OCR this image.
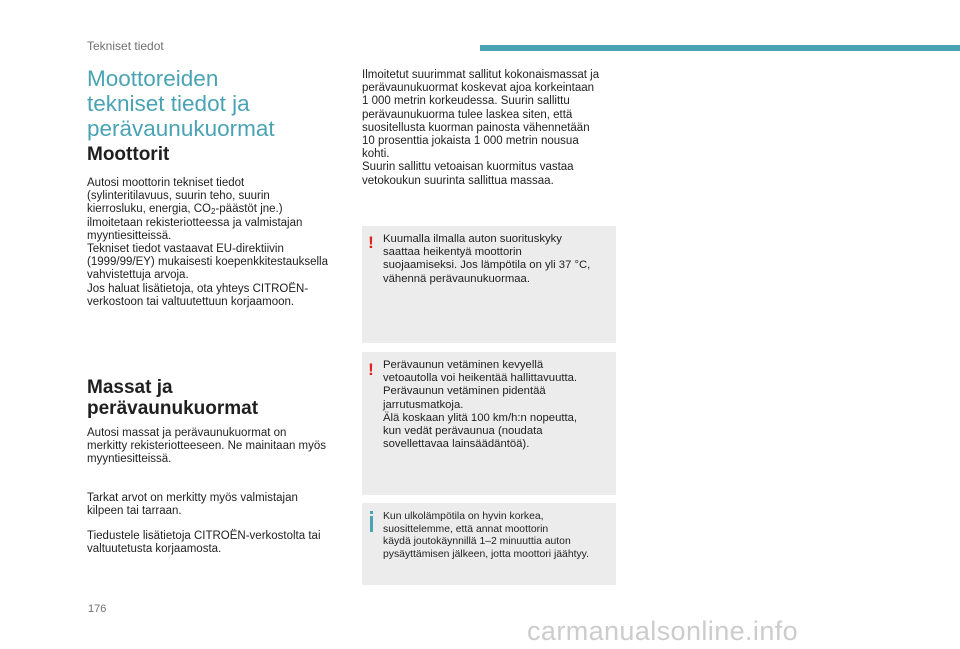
Tekniset tiedot
Moottoreiden
tekniset tiedot ja
perävaunukuormat
Moottorit

Autosi moottorin tekniset tiedot
(sylinteritilavuus, suurin teho, suurin
kierrosluku, energia, $CO_2$-päästöt jne.)
ilmoitetaan rekisteriotteessa ja valmistajan
myyntiesitteissä.
Tekniset tiedot vastaavat EU-direktiivin
(1999/99/EY) mukaisesti koepenkkitestauksella
vahvistettuja arvoja.
Jos haluat lisätietoja, ota yhteys CITROËN-
verkostoon tai valtuutettuun korjaamoon.

Massat ja
perävaunukuormat

Autosi massat ja perävaunukuormat on
merkitty rekisteriotteeseen. Ne mainitaan myös
myyntiesitteissä.

Tarkat arvot on merkitty myös valmistajan
kilpeen tai tarraan.

Tiedustele lisätietoja CITROËN-verkostolta tai
valtuutetusta korjaamosta.

Ilmoitetut suurimmat sallitut kokonaismassat ja
perävaunukuormat koskevat ajoa korkeintaan
1 000 metrin korkeudessa. Suurin sallittu
perävaunukuorma tulee laskea siten, että
suositellusta kuorman painosta vähennetään
10 prosenttia jokaista 1 000 metrin nousua
kohti.
Suurin sallittu vetoaisan kuormitus vastaa
vetokoukun suurinta sallittua massaa.

! Kuumalla ilmalla auton suorituskyky
saattaa heikentyä moottorin
suojaamiseksi. Jos lämpötila on yli 37 °C,
vähennä perävaunukuormaa.
! Perävaunun vetäminen kevyellä
vetoautolla voi heikentää hallittavuutta.
Perävaunun vetäminen pidentää
jarrutusmatkoja.
Älä koskaan ylitä 100 km/h:n nopeutta,
kun vedät perävaunua (noudata
sovellettavaa lainsäädäntöä).
Kun ulkolämpötila on hyvin korkea,
suosittelemme, että annat moottorin
käydä joutokäynnillä 1–2 minuuttia auton
pysäyttämisen jälkeen, jotta moottori jäähtyy.
176
carmanualsonline.info
